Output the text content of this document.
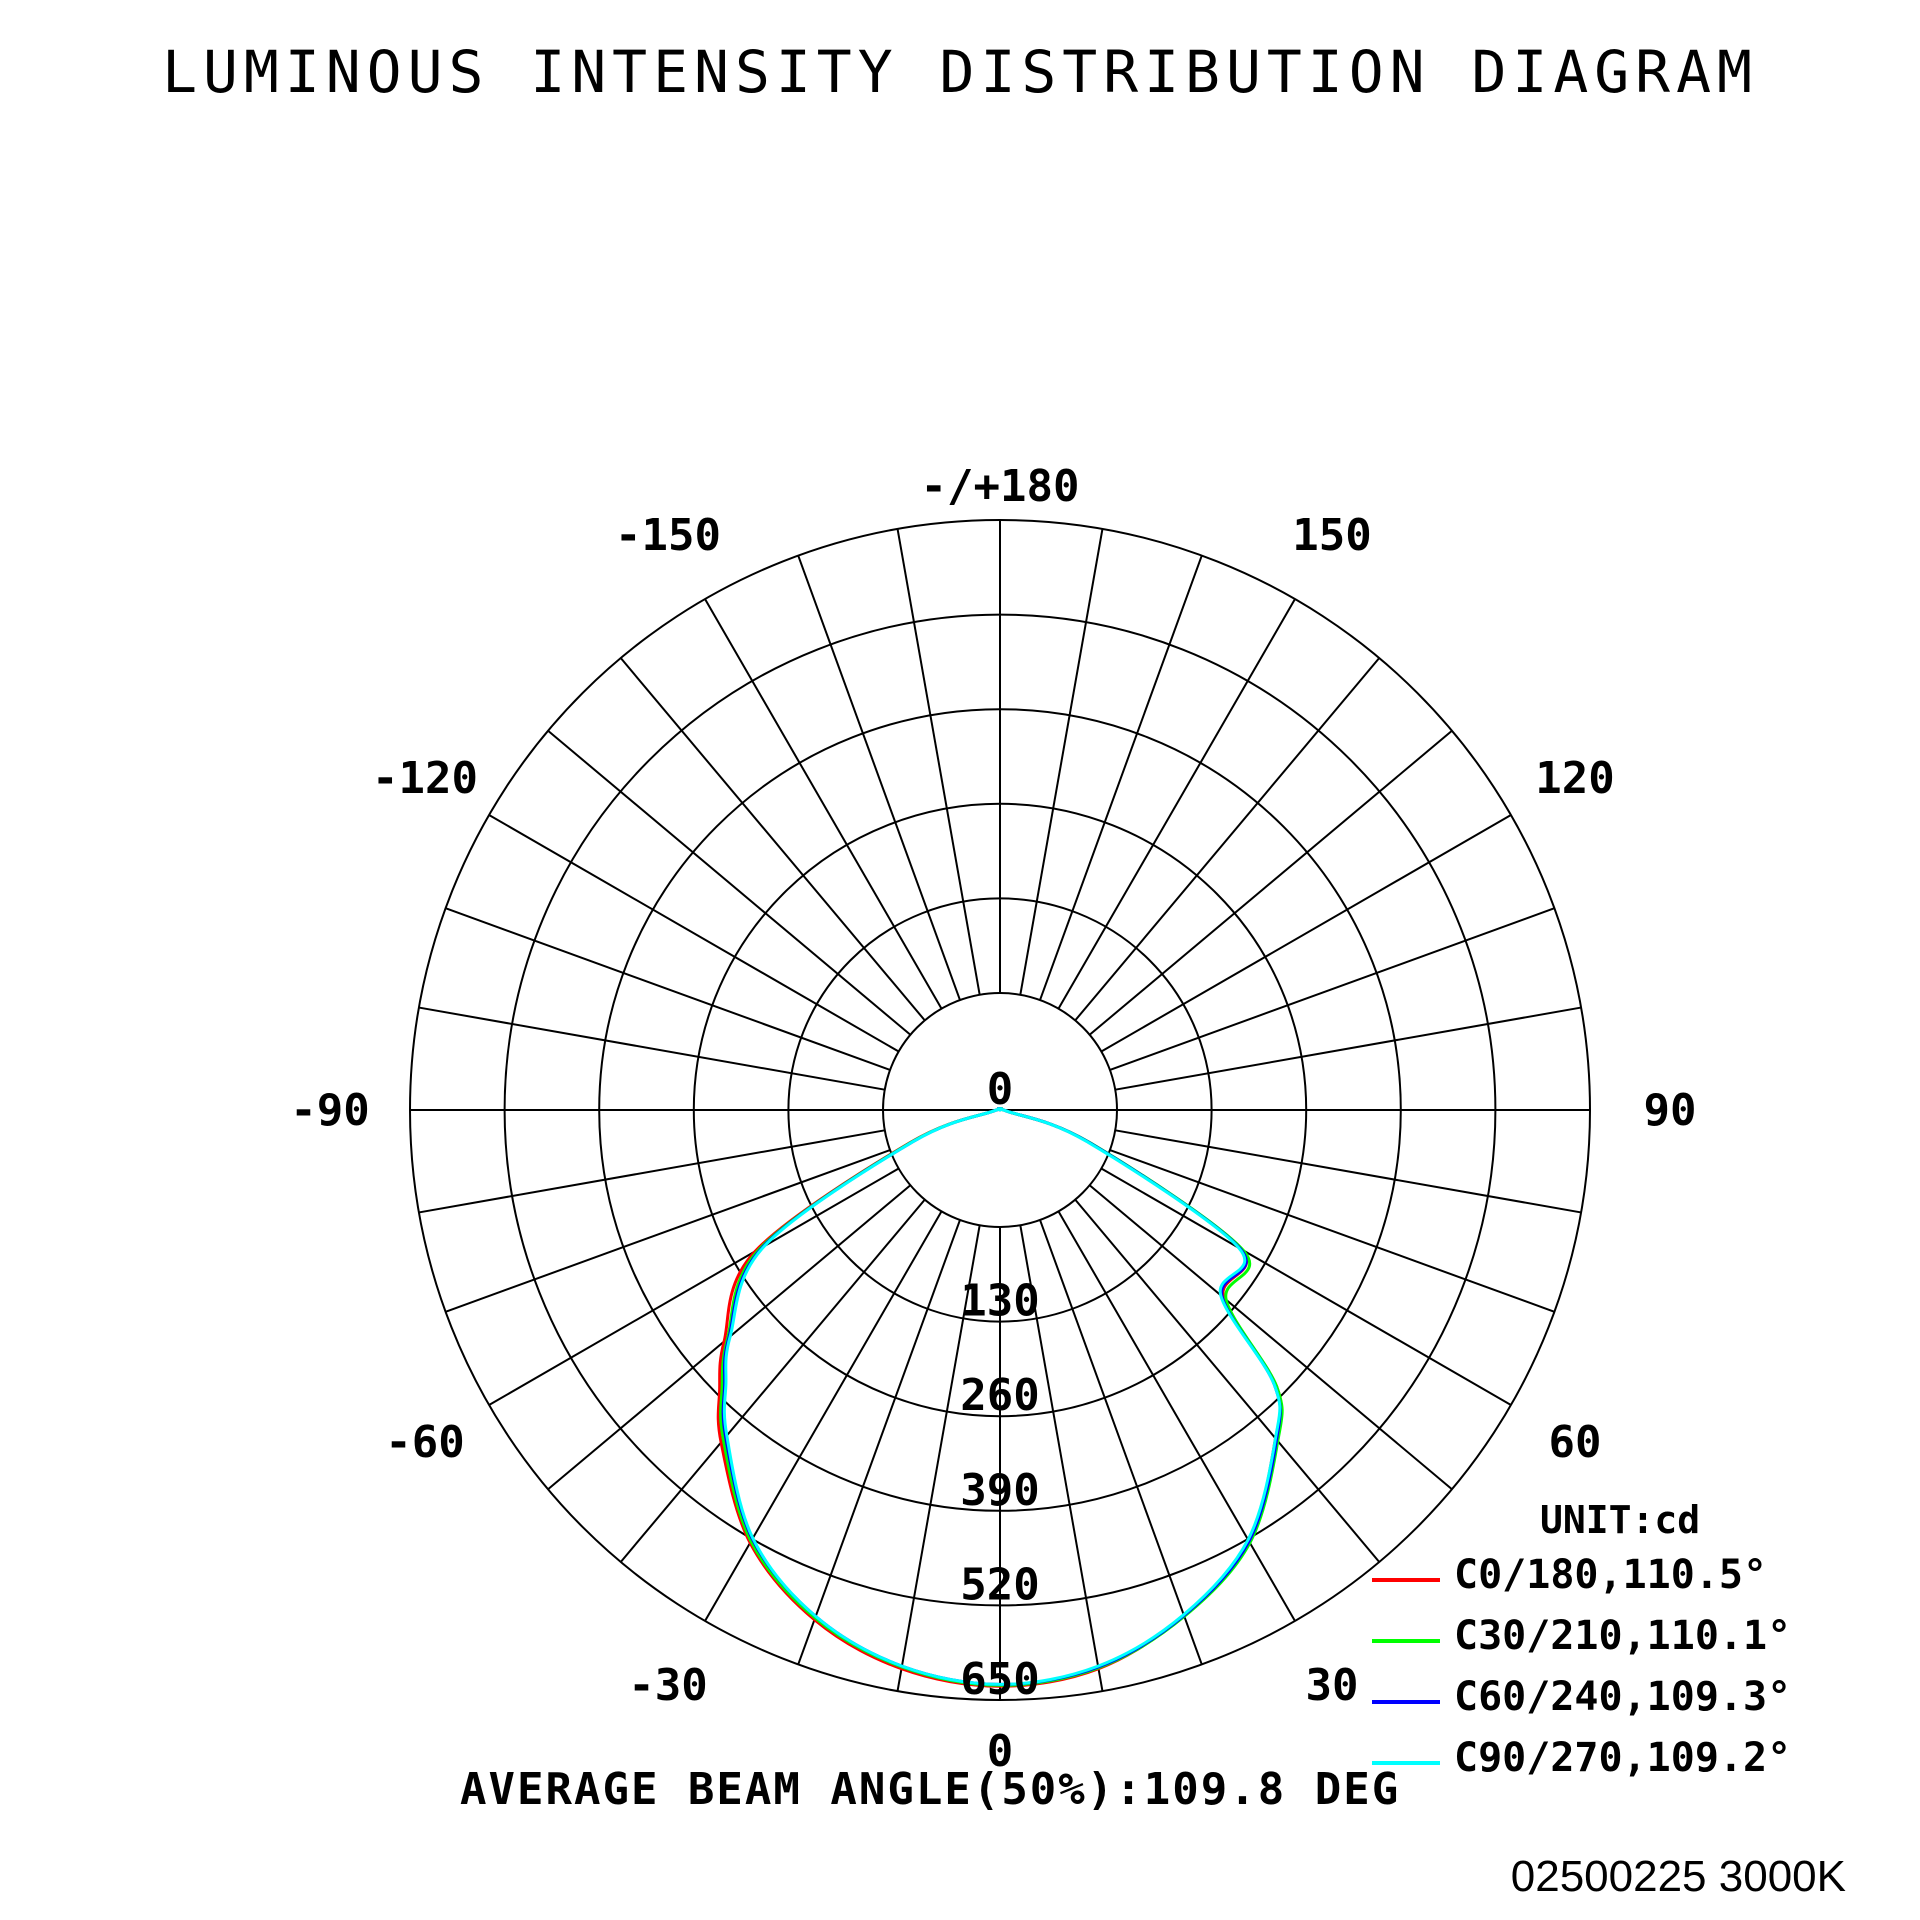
LUMINOUS INTENSITY DISTRIBUTION DIAGRAM
130
260
390
520
650
-/+180
150
-150
120
-120
90
-90
60
-60
30
-30
0
0
UNIT:cd
C0/180,110.5°
C30/210,110.1°
C60/240,109.3°
C90/270,109.2°
AVERAGE BEAM ANGLE(50%):109.8 DEG
02500225 3000K
